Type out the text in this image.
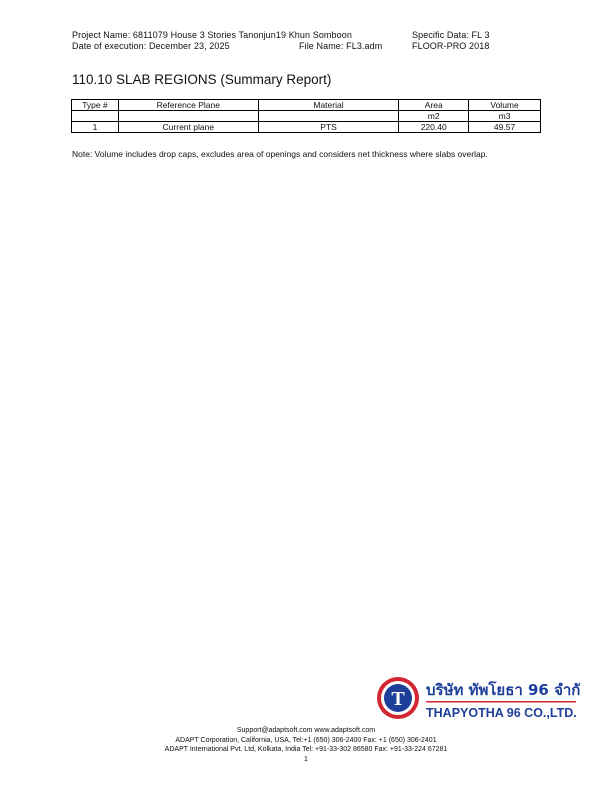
Project Name: 6811079 House 3 Stories Tanonjun19 Khun Somboon	Specific Data: FL 3
Date of execution: December 23, 2025	File Name: FL3.adm	FLOOR-PRO 2018
110.10 SLAB REGIONS (Summary Report)
Type #	Reference Plane	Material	Area	Volume
			m2	m3
1	Current plane	PTS	220.40	49.57
Note: Volume includes drop caps, excludes area of openings and considers net thickness where slabs overlap.
T บริษัท ทัพโยธา 96 จำกัด
THAPYOTHA 96 CO.,LTD.
Support@adaptsoft.com www.adaptsoft.com
ADAPT Corporation, California, USA, Tel:+1 (650) 306-2400 Fax: +1 (650) 306-2401
ADAPT International Pvt. Ltd, Kolkata, India Tel: +91-33-302 86580 Fax: +91-33-224 67281
1
